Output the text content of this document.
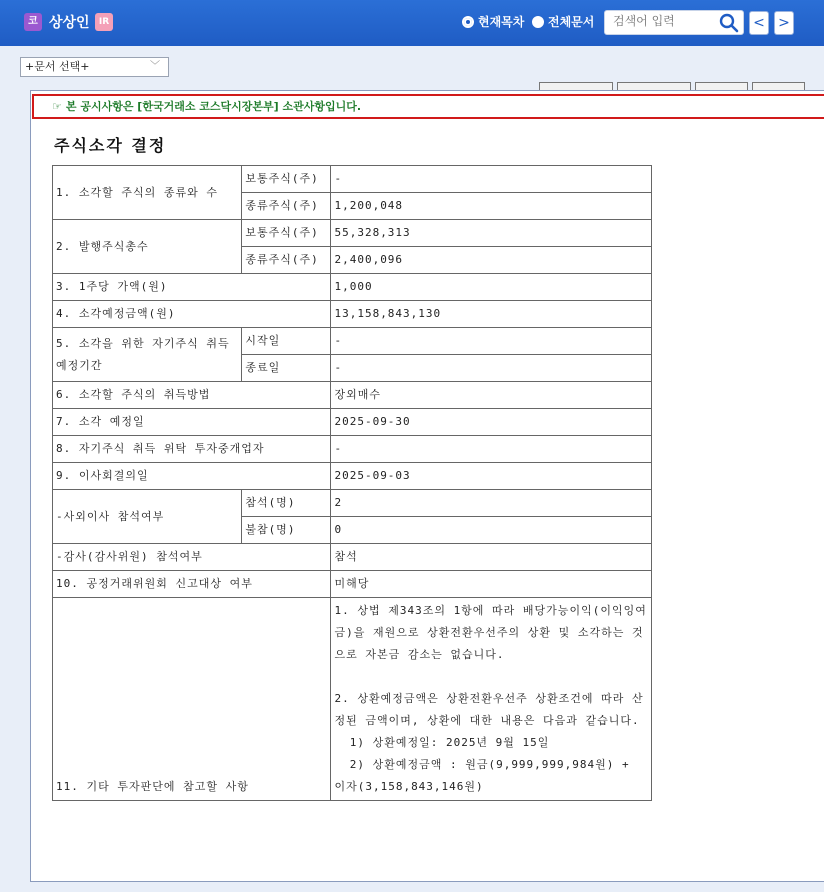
코 상상인	IR	현재목차 전체문서
검색어 입력	< >
+문서 선택+	﹀
☞ 본 공시사항은 [한국거래소 코스닥시장본부] 소관사항입니다.
주식소각 결정
1. 소각할 주식의 종류와 수	보통주식(주)	-
	종류주식(주)	1,200,048
2. 발행주식총수	보통주식(주)	55,328,313
	종류주식(주)	2,400,096
3. 1주당 가액(원)		1,000
4. 소각예정금액(원)		13,158,843,130
5. 소각을 위한 자기주식 취득 예정기간	시작일	-
	종료일	-
6. 소각할 주식의 취득방법		장외매수
7. 소각 예정일		2025-09-30
8. 자기주식 취득 위탁 투자중개업자		-
9. 이사회결의일		2025-09-03
-사외이사 참석여부	참석(명)	2
	불참(명)	0
-감사(감사위원) 참석여부		참석
10. 공정거래위원회 신고대상 여부		미해당
11. 기타 투자판단에 참고할 사항		1. 상법 제343조의 1항에 따라 배당가능이익(이익잉여금)을 재원으로 상환전환우선주의 상환 및 소각하는 것으로 자본금 감소는 없습니다.

2. 상환예정금액은 상환전환우선주 상환조건에 따라 산정된 금액이며, 상환에 대한 내용은 다음과 같습니다.
1) 상환예정일: 2025년 9월 15일
2) 상환예정금액 : 원금(9,999,999,984원) + 이자(3,158,843,146원)
